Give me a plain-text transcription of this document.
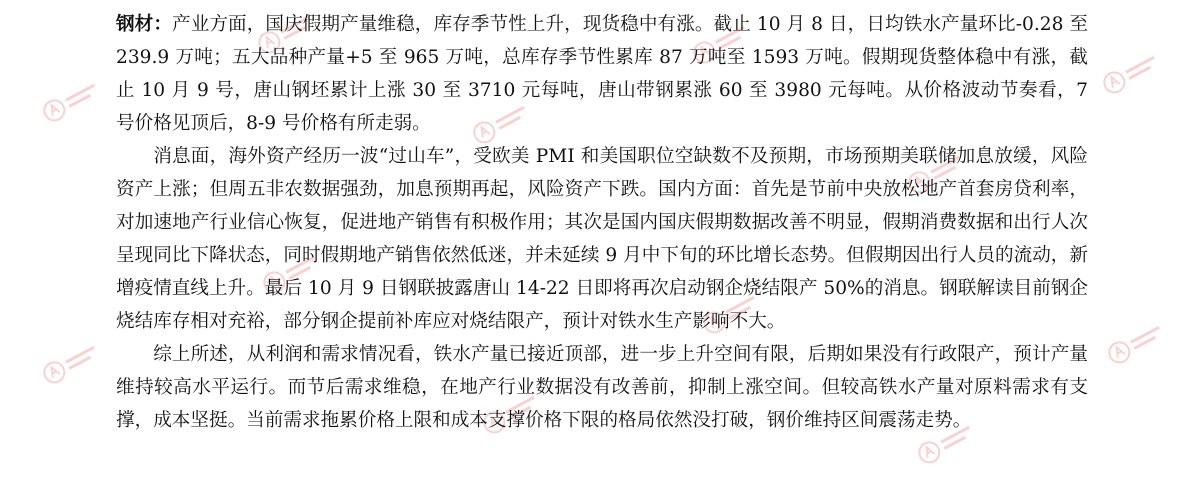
钢材：产业方面，国庆假期产量维稳，库存季节性上升，现货稳中有涨。截止 10 月 8 日，日均铁水产量环比-0.28 至 239.9 万吨；五大品种产量+5 至 965 万吨，总库存季节性累库 87 万吨至 1593 万吨。假期现货整体稳中有涨，截止 10 月 9 号，唐山钢坯累计上涨 30 至 3710 元每吨，唐山带钢累涨 60 至 3980 元每吨。从价格波动节奏看，7 号价格见顶后，8-9 号价格有所走弱。

消息面，海外资产经历一波“过山车”，受欧美 PMI 和美国职位空缺数不及预期，市场预期美联储加息放缓，风险资产上涨；但周五非农数据强劲，加息预期再起，风险资产下跌。国内方面：首先是节前中央放松地产首套房贷利率，对加速地产行业信心恢复，促进地产销售有积极作用；其次是国内国庆假期数据改善不明显，假期消费数据和出行人次呈现同比下降状态，同时假期地产销售依然低迷，并未延续 9 月中下旬的环比增长态势。但假期因出行人员的流动，新增疫情直线上升。最后 10 月 9 日钢联披露唐山 14-22 日即将再次启动钢企烧结限产 50%的消息。钢联解读目前钢企烧结库存相对充裕，部分钢企提前补库应对烧结限产，预计对铁水生产影响不大。

综上所述，从利润和需求情况看，铁水产量已接近顶部，进一步上升空间有限，后期如果没有行政限产，预计产量维持较高水平运行。而节后需求维稳，在地产行业数据没有改善前，抑制上涨空间。但较高铁水产量对原料需求有支撑，成本坚挺。当前需求拖累价格上限和成本支撑价格下限的格局依然没打破，钢价维持区间震荡走势。
